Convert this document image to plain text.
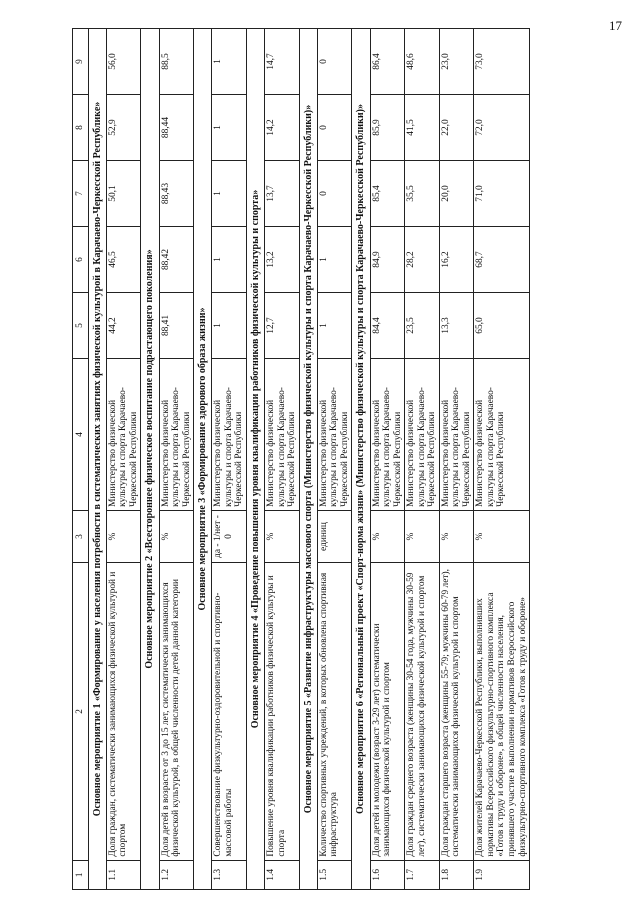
17
1	2	3	4	5	6	7	8	9
Основное мероприятие 1 «Формирование у населения потребности в систематических занятиях физической культурой в Карачаево-Черкесской Республике»								
1.1	Доля граждан, систематически занимающихся физической культурой и спортом	%	Министерство физической культуры и спорта Карачаево-Черкесской Республики	44,2	46,5	50,1	52,9	56,0
Основное мероприятие 2 «Всестороннее физическое воспитание подрастающего поколения»								
1.2	Доля детей в возрасте от 3 до 15 лет, систематически занимающихся физической культурой, в общей численности детей данной категории	%	Министерство физической культуры и спорта Карачаево-Черкесской Республики	88,41	88,42	88,43	88,44	88,5
Основное мероприятие 3 «Формирование здорового образа жизни»								
1.3	Совершенствование физкультурно-оздоровительной и спортивно-массовой работы	да - 1/нет - 0	Министерство физической культуры и спорта Карачаево-Черкесской Республики	1	1	1	1	1
Основное мероприятие 4 «Проведение повышения уровня квалификации работников физической культуры и спорта»								
1.4	Повышение уровня квалификации работников физической культуры и спорта	%	Министерство физической культуры и спорта Карачаево-Черкесской Республики	12,7	13,2	13,7	14,2	14,7
Основное мероприятие 5 «Развитие инфраструктуры массового спорта (Министерство физической культуры и спорта Карачаево-Черкесской Республики)»								
1.5	Количество спортивных учреждений, в которых обновлена спортивная инфраструктура	единиц	Министерство физической культуры и спорта Карачаево-Черкесской Республики	1	1	0	0	0
Основное мероприятие 6 «Региональный проект «Спорт-норма жизни» (Министерство физической культуры и спорта Карачаево-Черкесской Республики)»								
1.6	Доля детей и молодежи (возраст 3-29 лет) систематически занимающихся физической культурой и спортом	%	Министерство физической культуры и спорта Карачаево-Черкесской Республики	84,4	84,9	85,4	85,9	86,4
1.7	Доля граждан среднего возраста (женщины 30-54 года, мужчины 30-59 лет), систематически занимающихся физической культурой и спортом	%	Министерство физической культуры и спорта Карачаево-Черкесской Республики	23,5	28,2	35,5	41,5	48,6
1.8	Доля граждан старшего возраста (женщины 55-79; мужчины 60-79 лет), систематически занимающихся физической культурой и спортом	%	Министерство физической культуры и спорта Карачаево-Черкесской Республики	13,3	16,2	20,0	22,0	23,0
1.9	Доля жителей Карачаево-Черкесской Республики, выполнивших нормативы Всероссийского физкультурно-спортивного комплекса «Готов к труду и обороне», в общей численности населения, принявшего участие в выполнении нормативов Всероссийского физкультурно-спортивного комплекса «Готов к труду и обороне»	%	Министерство физической культуры и спорта Карачаево-Черкесской Республики	65,0	68,7	71,0	72,0	73,0
